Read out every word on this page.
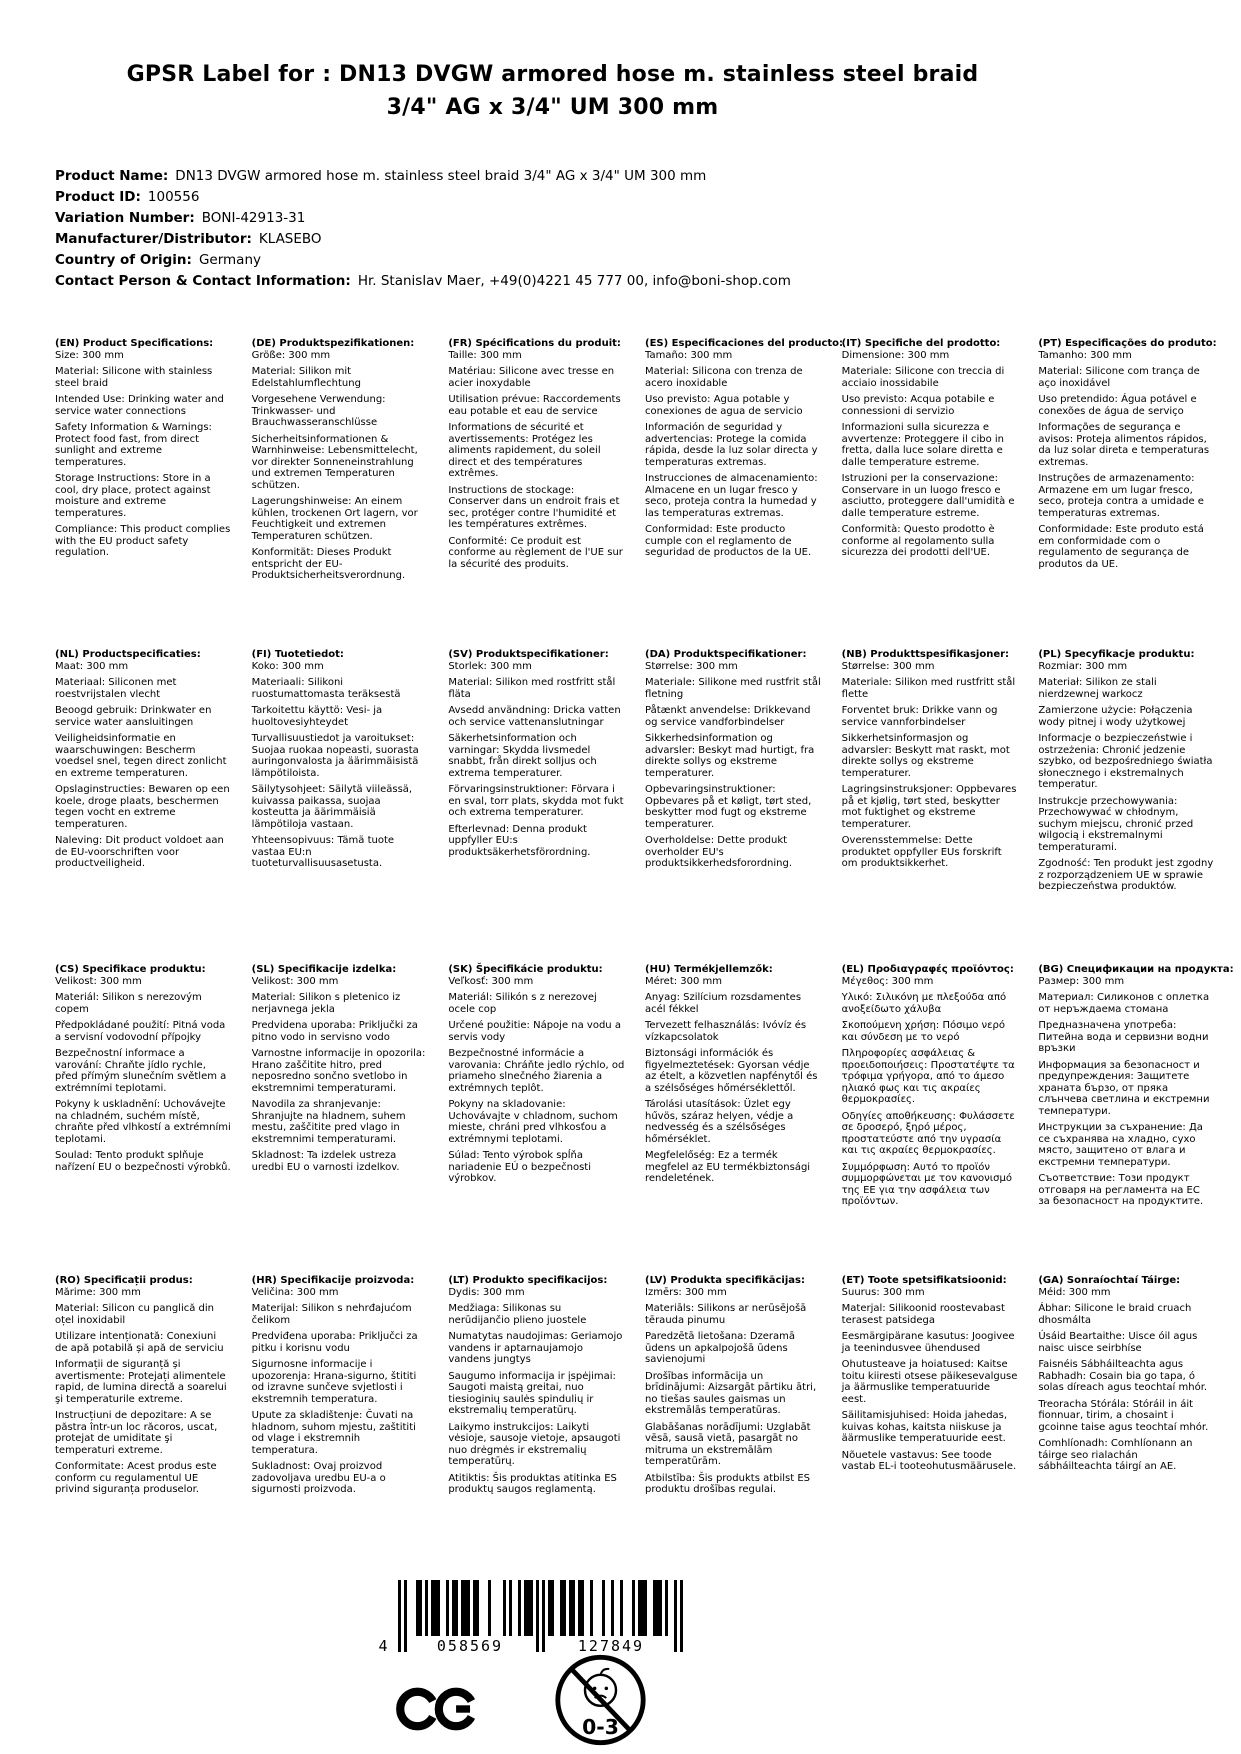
GPSR Label for : DN13 DVGW armored hose m. stainless steel braid
3/4" AG x 3/4" UM 300 mm
Product Name: DN13 DVGW armored hose m. stainless steel braid 3/4" AG x 3/4" UM 300 mm
Product ID: 100556
Variation Number: BONI-42913-31
Manufacturer/Distributor: KLASEBO
Country of Origin: Germany
Contact Person & Contact Information: Hr. Stanislav Maer, +49(0)4221 45 777 00, info@boni-shop.com
(EN) Product Specifications:

Size: 300 mm

Material: Silicone with stainless steel braid

Intended Use: Drinking water and service water connections

Safety Information & Warnings: Protect food fast, from direct sunlight and extreme temperatures.

Storage Instructions: Store in a cool, dry place, protect against moisture and extreme temperatures.

Compliance: This product complies with the EU product safety regulation.

(DE) Produktspezifikationen:

Größe: 300 mm

Material: Silikon mit Edelstahlumflechtung

Vorgesehene Verwendung: Trinkwasser- und Brauchwasseranschlüsse

Sicherheitsinformationen & Warnhinweise: Lebensmittelecht, vor direkter Sonneneinstrahlung und extremen Temperaturen schützen.

Lagerungshinweise: An einem kühlen, trockenen Ort lagern, vor Feuchtigkeit und extremen Temperaturen schützen.

Konformität: Dieses Produkt entspricht der EU-Produktsicherheitsverordnung.

(FR) Spécifications du produit:

Taille: 300 mm

Matériau: Silicone avec tresse en acier inoxydable

Utilisation prévue: Raccordements eau potable et eau de service

Informations de sécurité et avertissements: Protégez les aliments rapidement, du soleil direct et des températures extrêmes.

Instructions de stockage: Conserver dans un endroit frais et sec, protéger contre l'humidité et les températures extrêmes.

Conformité: Ce produit est conforme au règlement de l'UE sur la sécurité des produits.

(ES) Especificaciones del producto:

Tamaño: 300 mm

Material: Silicona con trenza de acero inoxidable

Uso previsto: Agua potable y conexiones de agua de servicio

Información de seguridad y advertencias: Protege la comida rápida, desde la luz solar directa y temperaturas extremas.

Instrucciones de almacenamiento: Almacene en un lugar fresco y seco, proteja contra la humedad y las temperaturas extremas.

Conformidad: Este producto cumple con el reglamento de seguridad de productos de la UE.

(IT) Specifiche del prodotto:

Dimensione: 300 mm

Materiale: Silicone con treccia di acciaio inossidabile

Uso previsto: Acqua potabile e connessioni di servizio

Informazioni sulla sicurezza e avvertenze: Proteggere il cibo in fretta, dalla luce solare diretta e dalle temperature estreme.

Istruzioni per la conservazione: Conservare in un luogo fresco e asciutto, proteggere dall'umidità e dalle temperature estreme.

Conformità: Questo prodotto è conforme al regolamento sulla sicurezza dei prodotti dell'UE.

(PT) Especificações do produto:

Tamanho: 300 mm

Material: Silicone com trança de aço inoxidável

Uso pretendido: Água potável e conexões de água de serviço

Informações de segurança e avisos: Proteja alimentos rápidos, da luz solar direta e temperaturas extremas.

Instruções de armazenamento: Armazene em um lugar fresco, seco, proteja contra a umidade e temperaturas extremas.

Conformidade: Este produto está em conformidade com o regulamento de segurança de produtos da UE.

(NL) Productspecificaties:

Maat: 300 mm

Materiaal: Siliconen met roestvrijstalen vlecht

Beoogd gebruik: Drinkwater en service water aansluitingen

Veiligheidsinformatie en waarschuwingen: Bescherm voedsel snel, tegen direct zonlicht en extreme temperaturen.

Opslaginstructies: Bewaren op een koele, droge plaats, beschermen tegen vocht en extreme temperaturen.

Naleving: Dit product voldoet aan de EU-voorschriften voor productveiligheid.

(FI) Tuotetiedot:

Koko: 300 mm

Materiaali: Silikoni ruostumattomasta teräksestä

Tarkoitettu käyttö: Vesi- ja huoltovesiyhteydet

Turvallisuustiedot ja varoitukset: Suojaa ruokaa nopeasti, suorasta auringonvalosta ja äärimmäisistä lämpötiloista.

Säilytysohjeet: Säilytä viileässä, kuivassa paikassa, suojaa kosteutta ja äärimmäisiä lämpötiloja vastaan.

Yhteensopivuus: Tämä tuote vastaa EU:n tuoteturvallisuusasetusta.

(SV) Produktspecifikationer:

Storlek: 300 mm

Material: Silikon med rostfritt stål fläta

Avsedd användning: Dricka vatten och service vattenanslutningar

Säkerhetsinformation och varningar: Skydda livsmedel snabbt, från direkt solljus och extrema temperaturer.

Förvaringsinstruktioner: Förvara i en sval, torr plats, skydda mot fukt och extrema temperaturer.

Efterlevnad: Denna produkt uppfyller EU:s produktsäkerhetsförordning.

(DA) Produktspecifikationer:

Størrelse: 300 mm

Materiale: Silikone med rustfrit stål fletning

Påtænkt anvendelse: Drikkevand og service vandforbindelser

Sikkerhedsinformation og advarsler: Beskyt mad hurtigt, fra direkte sollys og ekstreme temperaturer.

Opbevaringsinstruktioner: Opbevares på et køligt, tørt sted, beskytter mod fugt og ekstreme temperaturer.

Overholdelse: Dette produkt overholder EU's produktsikkerhedsforordning.

(NB) Produkttspesifikasjoner:

Størrelse: 300 mm

Materiale: Silikon med rustfritt stål flette

Forventet bruk: Drikke vann og service vannforbindelser

Sikkerhetsinformasjon og advarsler: Beskytt mat raskt, mot direkte sollys og ekstreme temperaturer.

Lagringsinstruksjoner: Oppbevares på et kjølig, tørt sted, beskytter mot fuktighet og ekstreme temperaturer.

Overensstemmelse: Dette produktet oppfyller EUs forskrift om produktsikkerhet.

(PL) Specyfikacje produktu:

Rozmiar: 300 mm

Materiał: Silikon ze stali nierdzewnej warkocz

Zamierzone użycie: Połączenia wody pitnej i wody użytkowej

Informacje o bezpieczeństwie i ostrzeżenia: Chronić jedzenie szybko, od bezpośredniego światła słonecznego i ekstremalnych temperatur.

Instrukcje przechowywania: Przechowywać w chłodnym, suchym miejscu, chronić przed wilgocią i ekstremalnymi temperaturami.

Zgodność: Ten produkt jest zgodny z rozporządzeniem UE w sprawie bezpieczeństwa produktów.

(CS) Specifikace produktu:

Velikost: 300 mm

Materiál: Silikon s nerezovým copem

Předpokládané použití: Pitná voda a servisní vodovodní přípojky

Bezpečnostní informace a varování: Chraňte jídlo rychle, před přímým slunečním světlem a extrémními teplotami.

Pokyny k uskladnění: Uchovávejte na chladném, suchém místě, chraňte před vlhkostí a extrémními teplotami.

Soulad: Tento produkt splňuje nařízení EU o bezpečnosti výrobků.

(SL) Specifikacije izdelka:

Velikost: 300 mm

Material: Silikon s pletenico iz nerjavnega jekla

Predvidena uporaba: Priključki za pitno vodo in servisno vodo

Varnostne informacije in opozorila: Hrano zaščitite hitro, pred neposredno sončno svetlobo in ekstremnimi temperaturami.

Navodila za shranjevanje: Shranjujte na hladnem, suhem mestu, zaščitite pred vlago in ekstremnimi temperaturami.

Skladnost: Ta izdelek ustreza uredbi EU o varnosti izdelkov.

(SK) Špecifikácie produktu:

Veľkosť: 300 mm

Materiál: Silikón s z nerezovej ocele cop

Určené použitie: Nápoje na vodu a servis vody

Bezpečnostné informácie a varovania: Chráňte jedlo rýchlo, od priameho slnečného žiarenia a extrémnych teplôt.

Pokyny na skladovanie: Uchovávajte v chladnom, suchom mieste, chráni pred vlhkosťou a extrémnymi teplotami.

Súlad: Tento výrobok spĺňa nariadenie EÚ o bezpečnosti výrobkov.

(HU) Termékjellemzők:

Méret: 300 mm

Anyag: Szilícium rozsdamentes acél fékkel

Tervezett felhasználás: Ivóvíz és vízkapcsolatok

Biztonsági információk és figyelmeztetések: Gyorsan védje az ételt, a közvetlen napfénytől és a szélsőséges hőmérséklettől.

Tárolási utasítások: Üzlet egy hűvös, száraz helyen, védje a nedvesség és a szélsőséges hőmérséklet.

Megfelelőség: Ez a termék megfelel az EU termékbiztonsági rendeletének.

(EL) Προδιαγραφές προϊόντος:

Μέγεθος: 300 mm

Υλικό: Σιλικόνη με πλεξούδα από ανοξείδωτο χάλυβα

Σκοπούμενη χρήση: Πόσιμο νερό και σύνδεση με το νερό

Πληροφορίες ασφάλειας & προειδοποιήσεις: Προστατέψτε τα τρόφιμα γρήγορα, από το άμεσο ηλιακό φως και τις ακραίες θερμοκρασίες.

Οδηγίες αποθήκευσης: Φυλάσσετε σε δροσερό, ξηρό μέρος, προστατεύστε από την υγρασία και τις ακραίες θερμοκρασίες.

Συμμόρφωση: Αυτό το προϊόν συμμορφώνεται με τον κανονισμό της ΕΕ για την ασφάλεια των προϊόντων.

(BG) Спецификации на продукта:

Размер: 300 mm

Материал: Силиконов с оплетка от неръждаема стомана

Предназначена употреба: Питейна вода и сервизни водни връзки

Информация за безопасност и предупреждения: Защитете храната бързо, от пряка слънчева светлина и екстремни температури.

Инструкции за съхранение: Да се съхранява на хладно, сухо място, защитено от влага и екстремни температури.

Съответствие: Този продукт отговаря на регламента на ЕС за безопасност на продуктите.

(RO) Specificații produs:

Mărime: 300 mm

Material: Silicon cu panglică din oțel inoxidabil

Utilizare intenționată: Conexiuni de apă potabilă și apă de serviciu

Informații de siguranță și avertismente: Protejați alimentele rapid, de lumina directă a soarelui şi temperaturile extreme.

Instrucțiuni de depozitare: A se păstra într-un loc răcoros, uscat, protejat de umiditate şi temperaturi extreme.

Conformitate: Acest produs este conform cu regulamentul UE privind siguranța produselor.

(HR) Specifikacije proizvoda:

Veličina: 300 mm

Materijal: Silikon s nehrđajućom čelikom

Predviđena uporaba: Priključci za pitku i korisnu vodu

Sigurnosne informacije i upozorenja: Hrana-sigurno, štititi od izravne sunčeve svjetlosti i ekstremnih temperatura.

Upute za skladištenje: Čuvati na hladnom, suhom mjestu, zaštititi od vlage i ekstremnih temperatura.

Sukladnost: Ovaj proizvod zadovoljava uredbu EU-a o sigurnosti proizvoda.

(LT) Produkto specifikacijos:

Dydis: 300 mm

Medžiaga: Silikonas su nerūdijančio plieno juostele

Numatytas naudojimas: Geriamojo vandens ir aptarnaujamojo vandens jungtys

Saugumo informacija ir įspėjimai: Saugoti maistą greitai, nuo tiesioginių saulės spindulių ir ekstremalių temperatūrų.

Laikymo instrukcijos: Laikyti vėsioje, sausoje vietoje, apsaugoti nuo drėgmės ir ekstremalių temperatūrų.

Atitiktis: Šis produktas atitinka ES produktų saugos reglamentą.

(LV) Produkta specifikācijas:

Izmērs: 300 mm

Materiāls: Silikons ar nerūsējošā tērauda pinumu

Paredzētā lietošana: Dzeramā ūdens un apkalpojošā ūdens savienojumi

Drošības informācija un brīdinājumi: Aizsargāt pārtiku ātri, no tiešas saules gaismas un ekstremālās temperatūras.

Glabāšanas norādījumi: Uzglabāt vēsā, sausā vietā, pasargāt no mitruma un ekstremālām temperatūrām.

Atbilstība: Šis produkts atbilst ES produktu drošības regulai.

(ET) Toote spetsifikatsioonid:

Suurus: 300 mm

Materjal: Silikoonid roostevabast terasest patsidega

Eesmärgipärane kasutus: Joogivee ja teenindusvee ühendused

Ohutusteave ja hoiatused: Kaitse toitu kiiresti otsese päikesevalguse ja äärmuslike temperatuuride eest.

Säilitamisjuhised: Hoida jahedas, kuivas kohas, kaitsta niiskuse ja äärmuslike temperatuuride eest.

Nõuetele vastavus: See toode vastab EL-i tooteohutusmäärusele.

(GA) Sonraíochtaí Táirge:

Méid: 300 mm

Ábhar: Silicone le braid cruach dhosmálta

Úsáid Beartaithe: Uisce óil agus naisc uisce seirbhíse

Faisnéis Sábháilteachta agus Rabhadh: Cosain bia go tapa, ó solas díreach agus teochtaí mhór.

Treoracha Stórála: Stóráil in áit fionnuar, tirim, a chosaint i gcoinne taise agus teochtaí mhór.

Comhlíonadh: Comhlíonann an táirge seo rialachán sábháilteachta táirgí an AE.

4	058569	127849
0-3
